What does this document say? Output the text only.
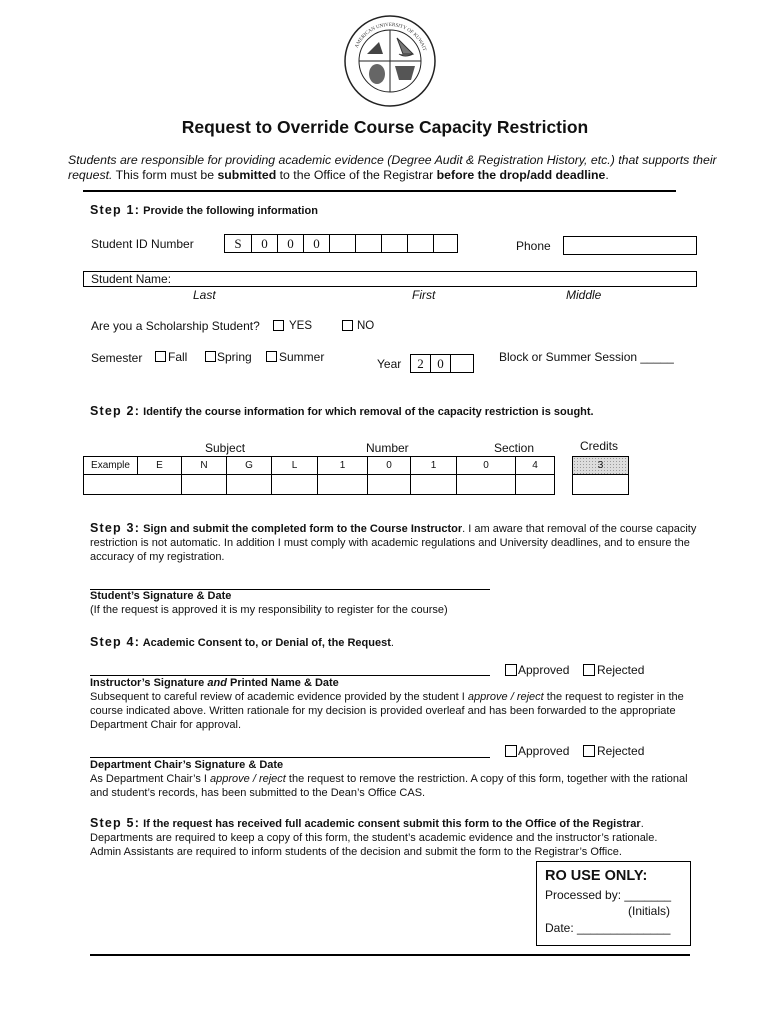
AMERICAN UNIVERSITY OF KUWAIT
Request to Override Course Capacity Restriction
Students are responsible for providing academic evidence (Degree Audit & Registration History, etc.) that supports their request. This form must be submitted to the Office of the Registrar before the drop/add deadline.
Step 1: Provide the following information
Student ID Number	S	0	0	0	Phone
Student Name:
Last	First	Middle
Are you a Scholarship Student?	YES	NO
Semester Fall Spring Summer	Year	2	0	Block or Summer Session _____
Step 2: Identify the course information for which removal of the capacity restriction is sought.
Subject	Number	Section	Credits
Example	E	N	G	L	1	0	1	0	4	3
Step 3: Sign and submit the completed form to the Course Instructor. I am aware that removal of the course capacity restriction is not automatic. In addition I must comply with academic regulations and University deadlines, and to ensure the accuracy of my registration.
Student’s Signature & Date
(If the request is approved it is my responsibility to register for the course)
Step 4: Academic Consent to, or Denial of, the Request.
Approved Rejected
Instructor’s Signature and Printed Name & Date
Subsequent to careful review of academic evidence provided by the student I approve / reject the request to register in the course indicated above. Written rationale for my decision is provided overleaf and has been forwarded to the appropriate Department Chair for approval.
Approved Rejected
Department Chair’s Signature & Date
As Department Chair’s I approve / reject the request to remove the restriction. A copy of this form, together with the rational and student’s records, has been submitted to the Dean’s Office CAS.
Step 5: If the request has received full academic consent submit this form to the Office of the Registrar.
Departments are required to keep a copy of this form, the student’s academic evidence and the instructor’s rationale.
Admin Assistants are required to inform students of the decision and submit the form to the Registrar’s Office.
RO USE ONLY:
Processed by: _______
(Initials)
Date: ______________
